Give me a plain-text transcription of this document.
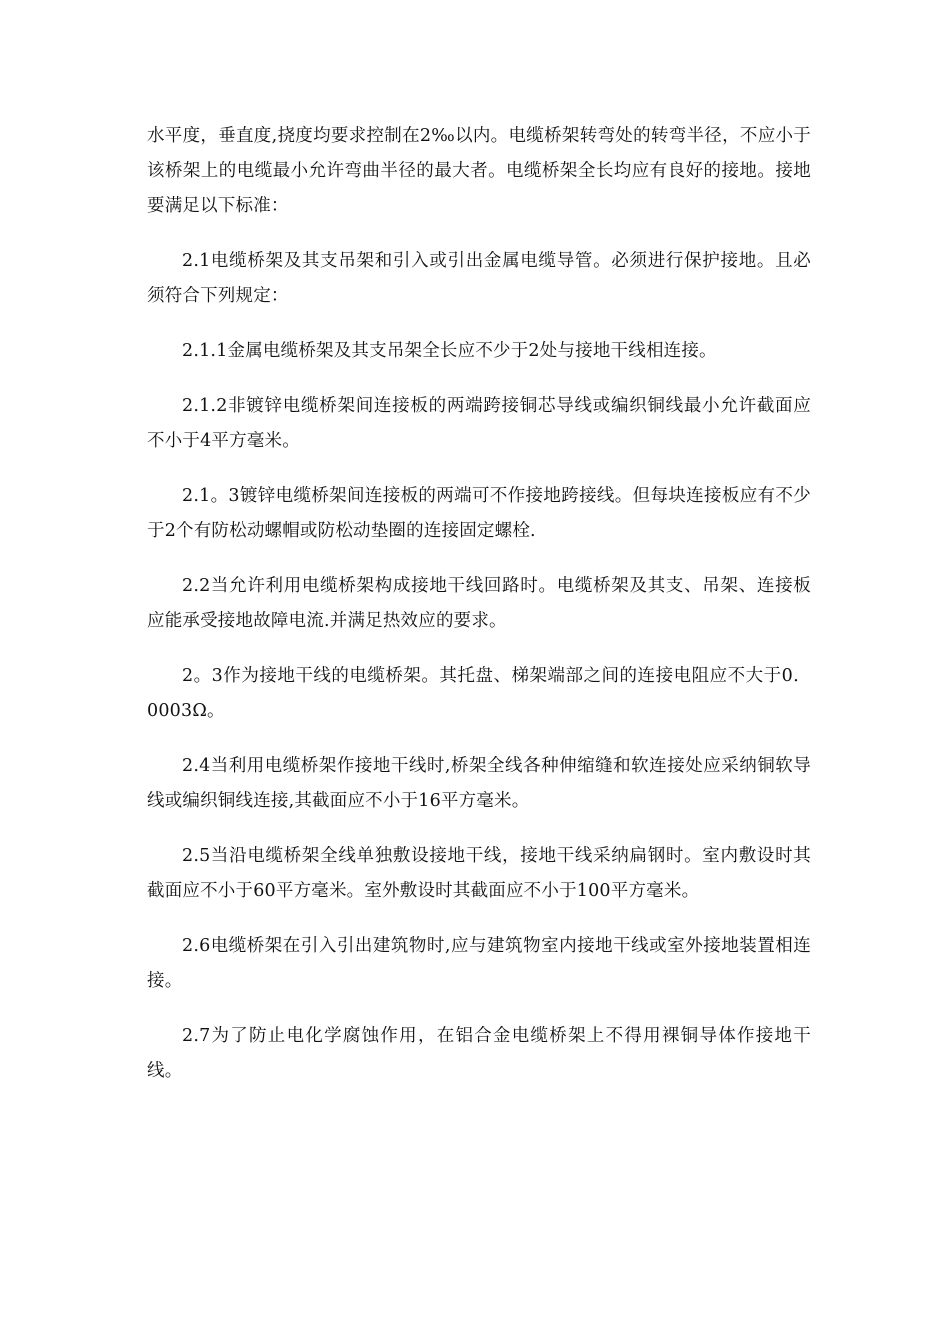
水平度，垂直度,挠度均要求控制在2‰以内。电缆桥架转弯处的转弯半径，不应小于该桥架上的电缆最小允许弯曲半径的最大者。电缆桥架全长均应有良好的接地。接地要满足以下标准：

2.1电缆桥架及其支吊架和引入或引出金属电缆导管。必须进行保护接地。且必须符合下列规定：

2.1.1金属电缆桥架及其支吊架全长应不少于2处与接地干线相连接。

2.1.2非镀锌电缆桥架间连接板的两端跨接铜芯导线或编织铜线最小允许截面应不小于4平方毫米。

2.1。3镀锌电缆桥架间连接板的两端可不作接地跨接线。但每块连接板应有不少于2个有防松动螺帽或防松动垫圈的连接固定螺栓.

2.2当允许利用电缆桥架构成接地干线回路时。电缆桥架及其支、吊架、连接板应能承受接地故障电流.并满足热效应的要求。

2。3作为接地干线的电缆桥架。其托盘、梯架端部之间的连接电阻应不大于0．0003Ω。

2.4当利用电缆桥架作接地干线时,桥架全线各种伸缩缝和软连接处应采纳铜软导线或编织铜线连接,其截面应不小于16平方毫米。

2.5当沿电缆桥架全线单独敷设接地干线，接地干线采纳扁钢时。室内敷设时其截面应不小于60平方毫米。室外敷设时其截面应不小于100平方毫米。

2.6电缆桥架在引入引出建筑物时,应与建筑物室内接地干线或室外接地装置相连接。

2.7为了防止电化学腐蚀作用，在铝合金电缆桥架上不得用裸铜导体作接地干线。
